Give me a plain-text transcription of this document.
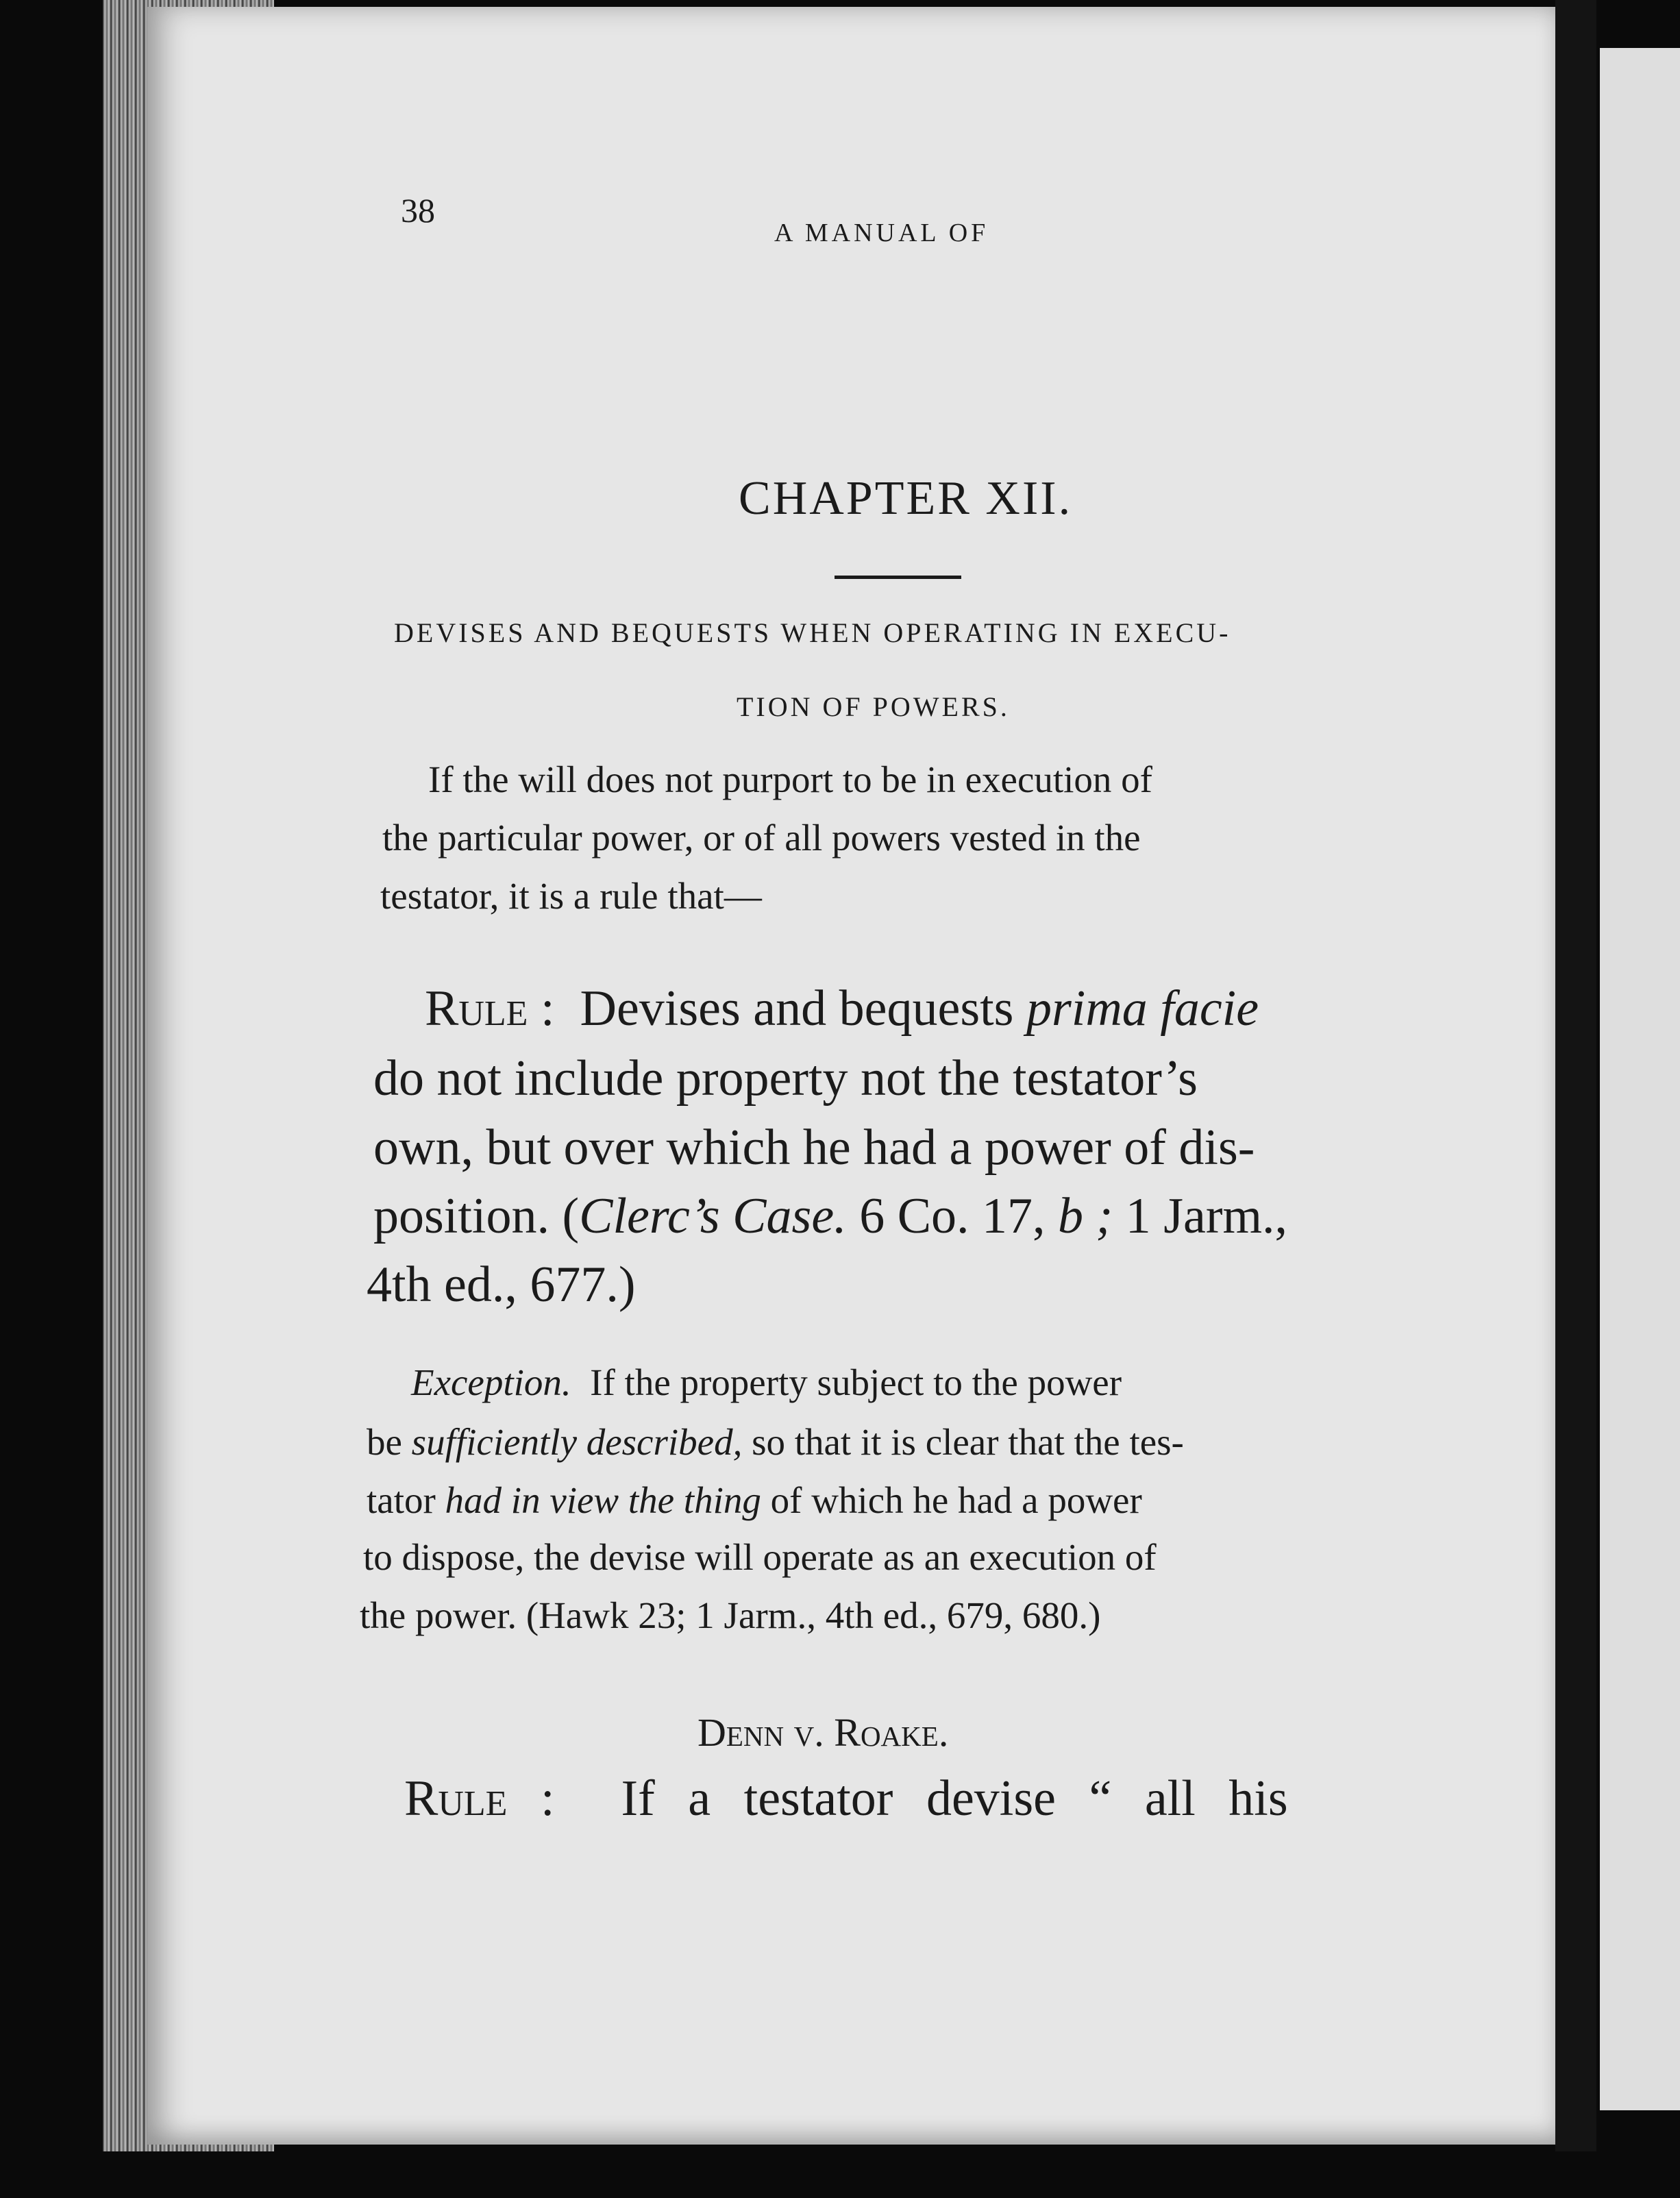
38
A MANUAL OF
CHAPTER XII.
DEVISES AND BEQUESTS WHEN OPERATING IN EXECU-
TION OF POWERS.
If the will does not purport to be in execution of
the particular power, or of all powers vested in the
testator, it is a rule that—
Rule : Devises and bequests prima facie
do not include property not the testator’s
own, but over which he had a power of dis-
position. (Clerc’s Case. 6 Co. 17, b ; 1 Jarm.,
4th ed., 677.)
Exception. If the property subject to the power
be sufficiently described, so that it is clear that the tes-
tator had in view the thing of which he had a power
to dispose, the devise will operate as an execution of
the power. (Hawk 23; 1 Jarm., 4th ed., 679, 680.)
Denn v. Roake.
Rule : If a testator devise “ all his
